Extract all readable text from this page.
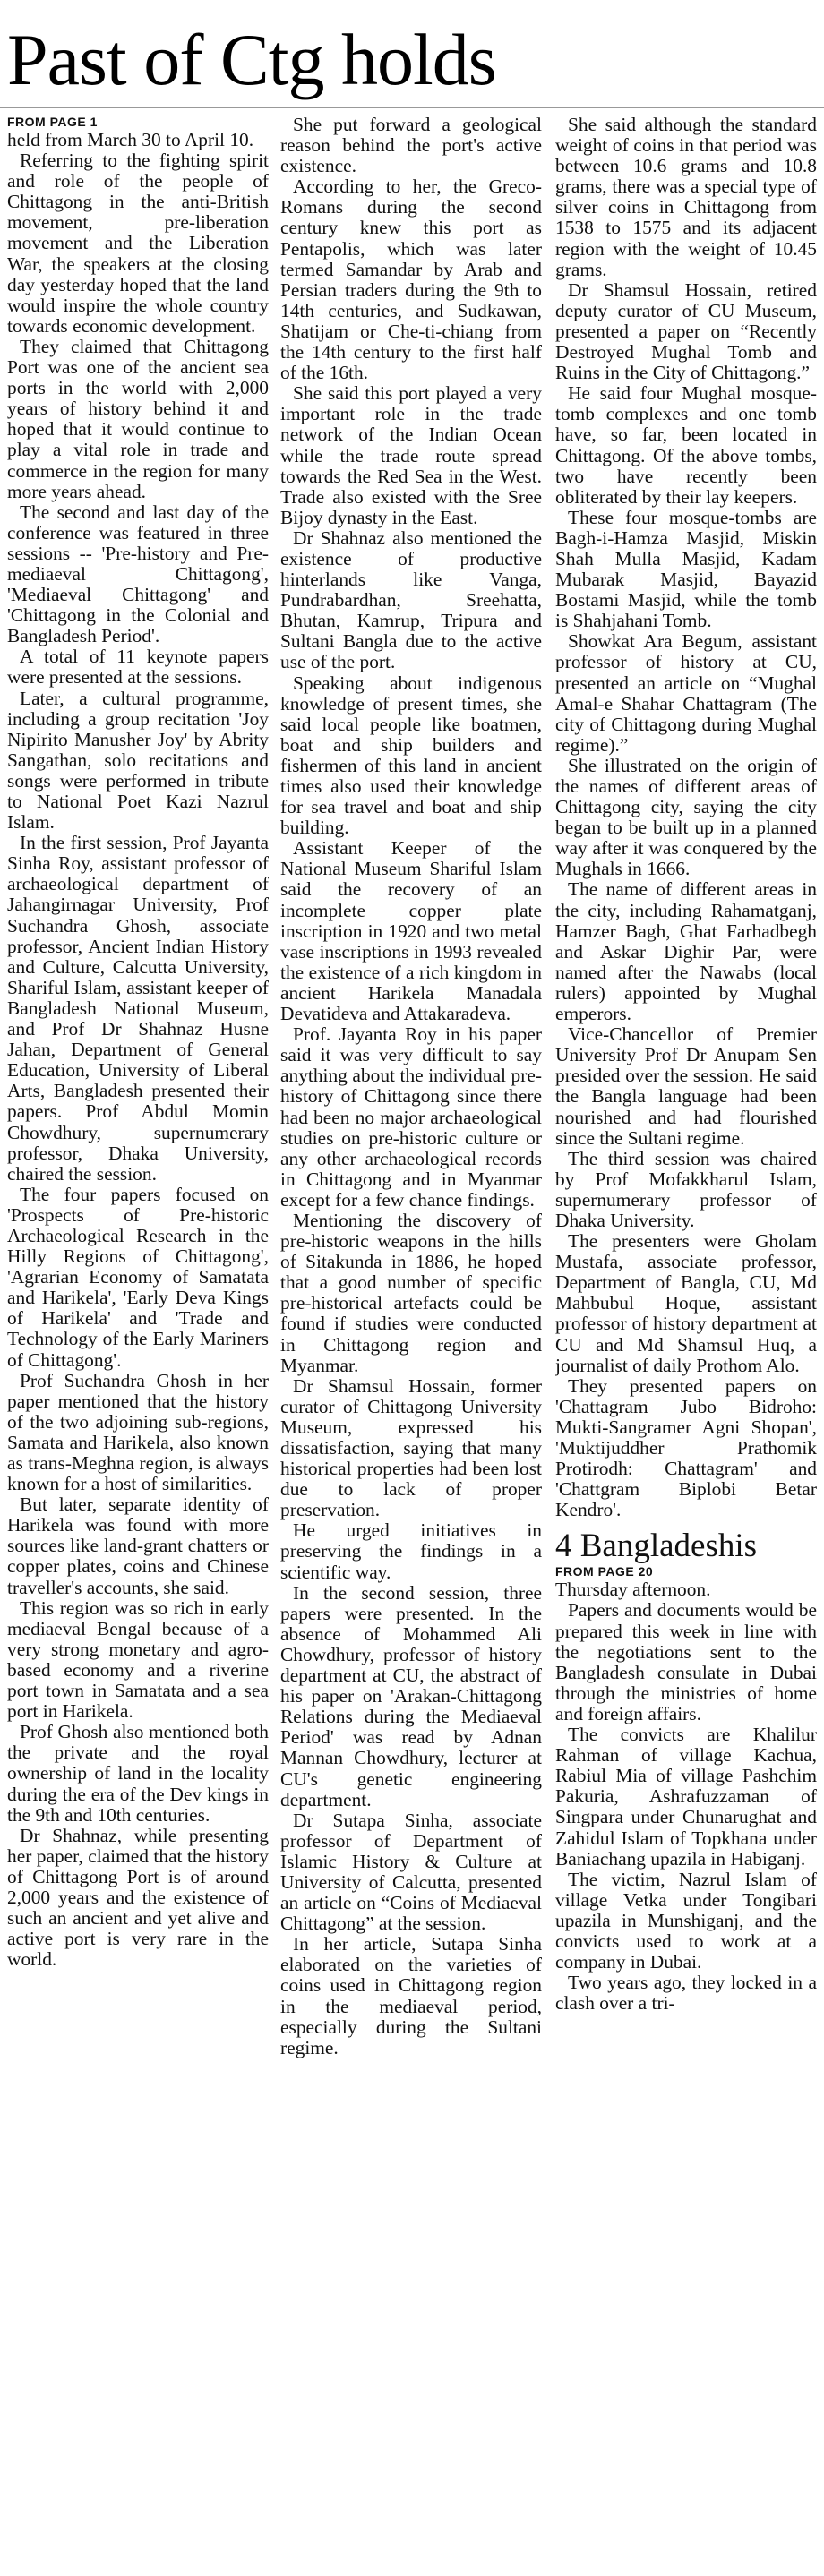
Past of Ctg holds
FROM PAGE 1

held from March 30 to April 10.

Referring to the fighting spirit and role of the people of Chittagong in the anti-British movement, pre-liberation movement and the Liberation War, the speakers at the closing day yesterday hoped that the land would inspire the whole country towards economic development.

They claimed that Chittagong Port was one of the ancient sea ports in the world with 2,000 years of history behind it and hoped that it would continue to play a vital role in trade and commerce in the region for many more years ahead.

The second and last day of the conference was featured in three sessions -- 'Pre-history and Pre-mediaeval Chittagong', 'Mediaeval Chittagong' and 'Chittagong in the Colonial and Bangladesh Period'.

A total of 11 keynote papers were presented at the sessions.

Later, a cultural programme, including a group recitation 'Joy Nipirito Manusher Joy' by Abrity Sangathan, solo recitations and songs were performed in tribute to National Poet Kazi Nazrul Islam.

In the first session, Prof Jayanta Sinha Roy, assistant professor of archaeological department of Jahangirnagar University, Prof Suchandra Ghosh, associate professor, Ancient Indian History and Culture, Calcutta University, Shariful Islam, assistant keeper of Bangladesh National Museum, and Prof Dr Shahnaz Husne Jahan, Department of General Education, University of Liberal Arts, Bangladesh presented their papers. Prof Abdul Momin Chowdhury, supernumerary professor, Dhaka University, chaired the session.

The four papers focused on 'Prospects of Pre-historic Archaeological Research in the Hilly Regions of Chittagong', 'Agrarian Economy of Samatata and Harikela', 'Early Deva Kings of Harikela' and 'Trade and Technology of the Early Mariners of Chittagong'.

Prof Suchandra Ghosh in her paper mentioned that the history of the two adjoining sub-regions, Samata and Harikela, also known as trans-Meghna region, is always known for a host of similarities.

But later, separate identity of Harikela was found with more sources like land-grant chatters or copper plates, coins and Chinese traveller's accounts, she said.

This region was so rich in early mediaeval Bengal because of a very strong monetary and agro-based economy and a riverine port town in Samatata and a sea port in Harikela.

Prof Ghosh also mentioned both the private and the royal ownership of land in the locality during the era of the Dev kings in the 9th and 10th centuries.

Dr Shahnaz, while presenting her paper, claimed that the history of Chittagong Port is of around 2,000 years and the existence of such an ancient and yet alive and active port is very rare in the world.

She put forward a geological reason behind the port's active existence.

According to her, the Greco-Romans during the second century knew this port as Pentapolis, which was later termed Samandar by Arab and Persian traders during the 9th to 14th centuries, and Sudkawan, Shatijam or Che-ti-chiang from the 14th century to the first half of the 16th.

She said this port played a very important role in the trade network of the Indian Ocean while the trade route spread towards the Red Sea in the West. Trade also existed with the Sree Bijoy dynasty in the East.

Dr Shahnaz also mentioned the existence of productive hinterlands like Vanga, Pundrabardhan, Sreehatta, Bhutan, Kamrup, Tripura and Sultani Bangla due to the active use of the port.

Speaking about indigenous knowledge of present times, she said local people like boatmen, boat and ship builders and fishermen of this land in ancient times also used their knowledge for sea travel and boat and ship building.

Assistant Keeper of the National Museum Shariful Islam said the recovery of an incomplete copper plate inscription in 1920 and two metal vase inscriptions in 1993 revealed the existence of a rich kingdom in ancient Harikela Manadala Devatideva and Attakaradeva.

Prof. Jayanta Roy in his paper said it was very difficult to say anything about the individual pre-history of Chittagong since there had been no major archaeological studies on pre-historic culture or any other archaeological records in Chittagong and in Myanmar except for a few chance findings.

Mentioning the discovery of pre-historic weapons in the hills of Sitakunda in 1886, he hoped that a good number of specific pre-historical artefacts could be found if studies were conducted in Chittagong region and Myanmar.

Dr Shamsul Hossain, former curator of Chittagong University Museum, expressed his dissatisfaction, saying that many historical properties had been lost due to lack of proper preservation.

He urged initiatives in preserving the findings in a scientific way.

In the second session, three papers were presented. In the absence of Mohammed Ali Chowdhury, professor of history department at CU, the abstract of his paper on 'Arakan-Chittagong Relations during the Mediaeval Period' was read by Adnan Mannan Chowdhury, lecturer at CU's genetic engineering department.

Dr Sutapa Sinha, associate professor of Department of Islamic History & Culture at University of Calcutta, presented an article on “Coins of Mediaeval Chittagong” at the session.

In her article, Sutapa Sinha elaborated on the varieties of coins used in Chittagong region in the mediaeval period, especially during the Sultani regime.

She said although the standard weight of coins in that period was between 10.6 grams and 10.8 grams, there was a special type of silver coins in Chittagong from 1538 to 1575 and its adjacent region with the weight of 10.45 grams.

Dr Shamsul Hossain, retired deputy curator of CU Museum, presented a paper on “Recently Destroyed Mughal Tomb and Ruins in the City of Chittagong.”

He said four Mughal mosque-tomb complexes and one tomb have, so far, been located in Chittagong. Of the above tombs, two have recently been obliterated by their lay keepers.

These four mosque-tombs are Bagh-i-Hamza Masjid, Miskin Shah Mulla Masjid, Kadam Mubarak Masjid, Bayazid Bostami Masjid, while the tomb is Shahjahani Tomb.

Showkat Ara Begum, assistant professor of history at CU, presented an article on “Mughal Amal-e Shahar Chattagram (The city of Chittagong during Mughal regime).”

She illustrated on the origin of the names of different areas of Chittagong city, saying the city began to be built up in a planned way after it was conquered by the Mughals in 1666.

The name of different areas in the city, including Rahamatganj, Hamzer Bagh, Ghat Farhadbegh and Askar Dighir Par, were named after the Nawabs (local rulers) appointed by Mughal emperors.

Vice-Chancellor of Premier University Prof Dr Anupam Sen presided over the session. He said the Bangla language had been nourished and had flourished since the Sultani regime.

The third session was chaired by Prof Mofakkharul Islam, supernumerary professor of Dhaka University.

The presenters were Gholam Mustafa, associate professor, Department of Bangla, CU, Md Mahbubul Hoque, assistant professor of history department at CU and Md Shamsul Huq, a journalist of daily Prothom Alo.

They presented papers on 'Chattagram Jubo Bidroho: Mukti-Sangramer Agni Shopan', 'Muktijuddher Prathomik Protirodh: Chattagram' and 'Chattgram Biplobi Betar Kendro'.

4 Bangladeshis
FROM PAGE 20

Thursday afternoon.

Papers and documents would be prepared this week in line with the negotiations sent to the Bangladesh consulate in Dubai through the ministries of home and foreign affairs.

The convicts are Khalilur Rahman of village Kachua, Rabiul Mia of village Pashchim Pakuria, Ashrafuzzaman of Singpara under Chunarughat and Zahidul Islam of Topkhana under Baniachang upazila in Habiganj.

The victim, Nazrul Islam of village Vetka under Tongibari upazila in Munshiganj, and the convicts used to work at a company in Dubai.

Two years ago, they locked in a clash over a tri-
